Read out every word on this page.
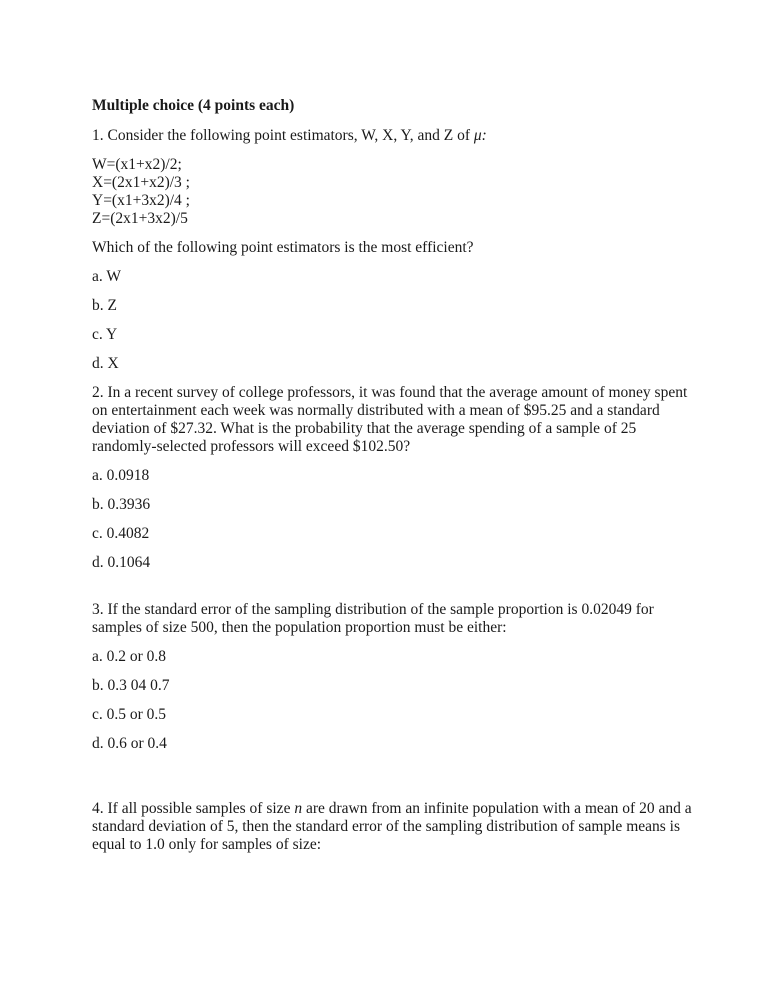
Multiple choice (4 points each)

1. Consider the following point estimators, W, X, Y, and Z of μ:

W=(x1+x2)/2;
X=(2x1+x2)/3 ;
Y=(x1+3x2)/4 ;
Z=(2x1+3x2)/5

Which of the following point estimators is the most efficient?

a. W

b. Z

c. Y

d. X

2. In a recent survey of college professors, it was found that the average amount of money spent on entertainment each week was normally distributed with a mean of $95.25 and a standard deviation of $27.32. What is the probability that the average spending of a sample of 25 randomly-selected professors will exceed $102.50?

a. 0.0918

b. 0.3936

c. 0.4082

d. 0.1064

3. If the standard error of the sampling distribution of the sample proportion is 0.02049 for samples of size 500, then the population proportion must be either:

a. 0.2 or 0.8

b. 0.3 04 0.7

c. 0.5 or 0.5

d. 0.6 or 0.4

4. If all possible samples of size n are drawn from an infinite population with a mean of 20 and a standard deviation of 5, then the standard error of the sampling distribution of sample means is equal to 1.0 only for samples of size:
